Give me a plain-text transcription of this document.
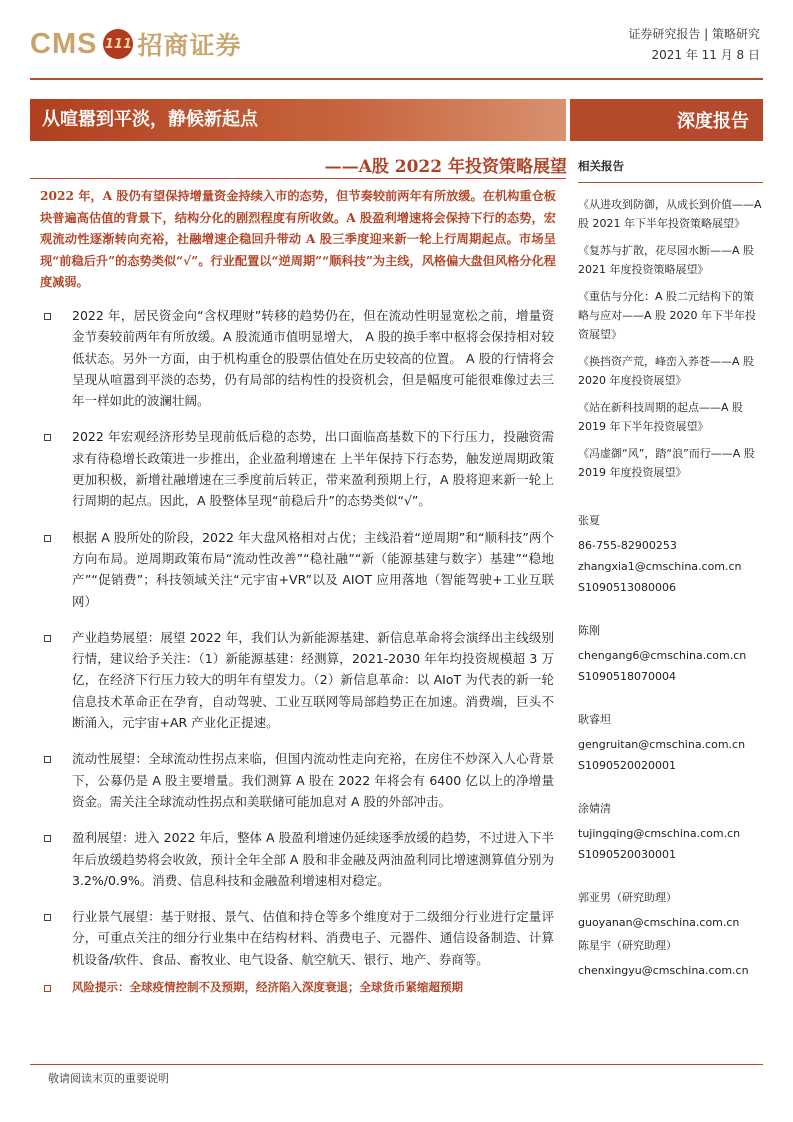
CMS 111 招商证券	证券研究报告 | 策略研究
2021 年 11 月 8 日
从喧嚣到平淡，静候新起点	深度报告
——A股 2022 年投资策略展望
2022 年，A 股仍有望保持增量资金持续入市的态势，但节奏较前两年有所放缓。在机构重仓板块普遍高估值的背景下，结构分化的剧烈程度有所收敛。A 股盈利增速将会保持下行的态势，宏观流动性逐渐转向充裕，社融增速企稳回升带动 A 股三季度迎来新一轮上行周期起点。市场呈现“前稳后升”的态势类似“√”。行业配置以“逆周期”“顺科技”为主线，风格偏大盘但风格分化程度减弱。
2022 年，居民资金向“含权理财”转移的趋势仍在，但在流动性明显宽松之前，增量资金节奏较前两年有所放缓。A 股流通市值明显增大， A 股的换手率中枢将会保持相对较低状态。另外一方面，由于机构重仓的股票估值处在历史较高的位置。 A 股的行情将会呈现从喧嚣到平淡的态势，仍有局部的结构性的投资机会，但是幅度可能很难像过去三年一样如此的波澜壮阔。
2022 年宏观经济形势呈现前低后稳的态势，出口面临高基数下的下行压力，投融资需求有待稳增长政策进一步推出，企业盈利增速在 上半年保持下行态势，触发逆周期政策更加积极，新增社融增速在三季度前后转正，带来盈利预期上行，A 股将迎来新一轮上行周期的起点。因此，A 股整体呈现“前稳后升”的态势类似“√”。
根据 A 股所处的阶段，2022 年大盘风格相对占优；主线沿着“逆周期”和“顺科技”两个方向布局。逆周期政策布局“流动性改善”“稳社融”“新（能源基建与数字）基建”“稳地产”“促销费”；科技领域关注“元宇宙+VR”以及 AIOT 应用落地（智能驾驶+工业互联网）
产业趋势展望：展望 2022 年，我们认为新能源基建、新信息革命将会演绎出主线级别行情，建议给予关注：（1）新能源基建：经测算，2021-2030 年年均投资规模超 3 万亿，在经济下行压力较大的明年有望发力。（2）新信息革命：以 AIoT 为代表的新一轮信息技术革命正在孕育，自动驾驶、工业互联网等局部趋势正在加速。消费端，巨头不断涌入，元宇宙+AR 产业化正提速。
流动性展望：全球流动性拐点来临，但国内流动性走向充裕，在房住不炒深入人心背景下，公募仍是 A 股主要增量。我们测算 A 股在 2022 年将会有 6400 亿以上的净增量资金。需关注全球流动性拐点和美联储可能加息对 A 股的外部冲击。
盈利展望：进入 2022 年后，整体 A 股盈利增速仍延续逐季放缓的趋势，不过进入下半年后放缓趋势将会收敛，预计全年全部 A 股和非金融及两油盈利同比增速测算值分别为 3.2%/0.9%。消费、信息科技和金融盈利增速相对稳定。
行业景气展望：基于财报、景气、估值和持仓等多个维度对于二级细分行业进行定量评分，可重点关注的细分行业集中在结构材料、消费电子、元器件、通信设备制造、计算机设备/软件、食品、畜牧业、电气设备、航空航天、银行、地产、券商等。
风险提示：全球疫情控制不及预期，经济陷入深度衰退；全球货币紧缩超预期
相关报告
《从进攻到防御，从成长到价值——A 股 2021 年下半年投资策略展望》
《复苏与扩散，花尽园水断——A 股 2021 年度投资策略展望》
《重估与分化：A 股二元结构下的策略与应对——A 股 2020 年下半年投资展望》
《换挡资产荒，峰峦入荞苍——A 股 2020 年度投资展望》
《站在新科技周期的起点——A 股 2019 年下半年投资展望》
《冯虚御“风”，踏“浪”而行——A 股 2019 年度投资展望》
张夏
86-755-82900253
zhangxia1@cmschina.com.cn
S1090513080006
陈刚
chengang6@cmschina.com.cn
S1090518070004
耿睿坦
gengruitan@cmschina.com.cn
S1090520020001
涂婧清
tujingqing@cmschina.com.cn
S1090520030001
郭亚男（研究助理）
guoyanan@cmschina.com.cn
陈星宇（研究助理）
chenxingyu@cmschina.com.cn
敬请阅读末页的重要说明
